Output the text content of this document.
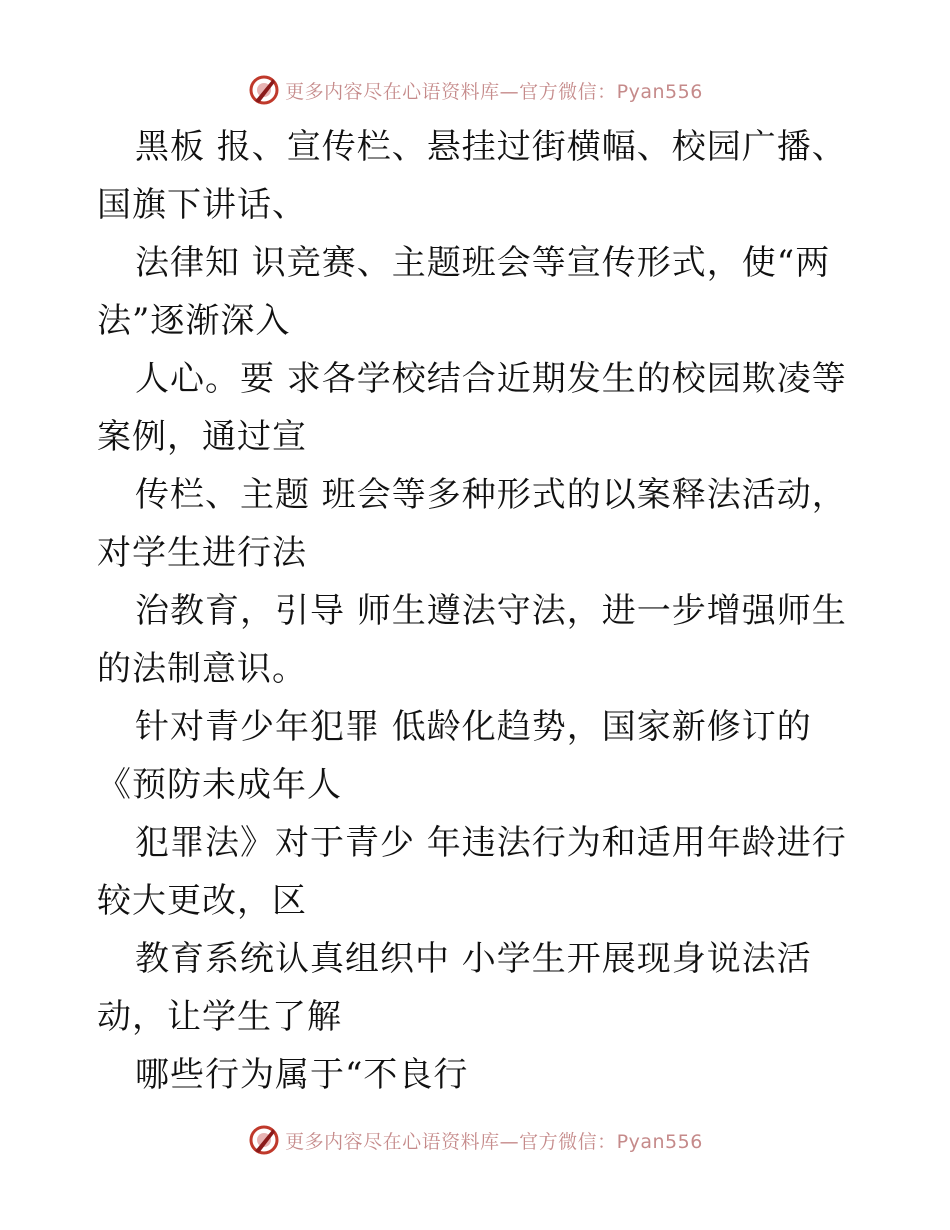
更多内容尽在心语资料库—官方微信：Pyan556

黑板 报、宣传栏、悬挂过街横幅、校园广播、

国旗下讲话、

法律知 识竞赛、主题班会等宣传形式，使“两

法”逐渐深入

人心。要 求各学校结合近期发生的校园欺凌等

案例，通过宣

传栏、主题 班会等多种形式的以案释法活动，

对学生进行法

治教育，引导 师生遵法守法，进一步增强师生

的法制意识。

针对青少年犯罪 低龄化趋势，国家新修订的

《预防未成年人

犯罪法》对于青少 年违法行为和适用年龄进行

较大更改，区

教育系统认真组织中 小学生开展现身说法活

动，让学生了解

哪些行为属于“不良行

更多内容尽在心语资料库—官方微信：Pyan556
